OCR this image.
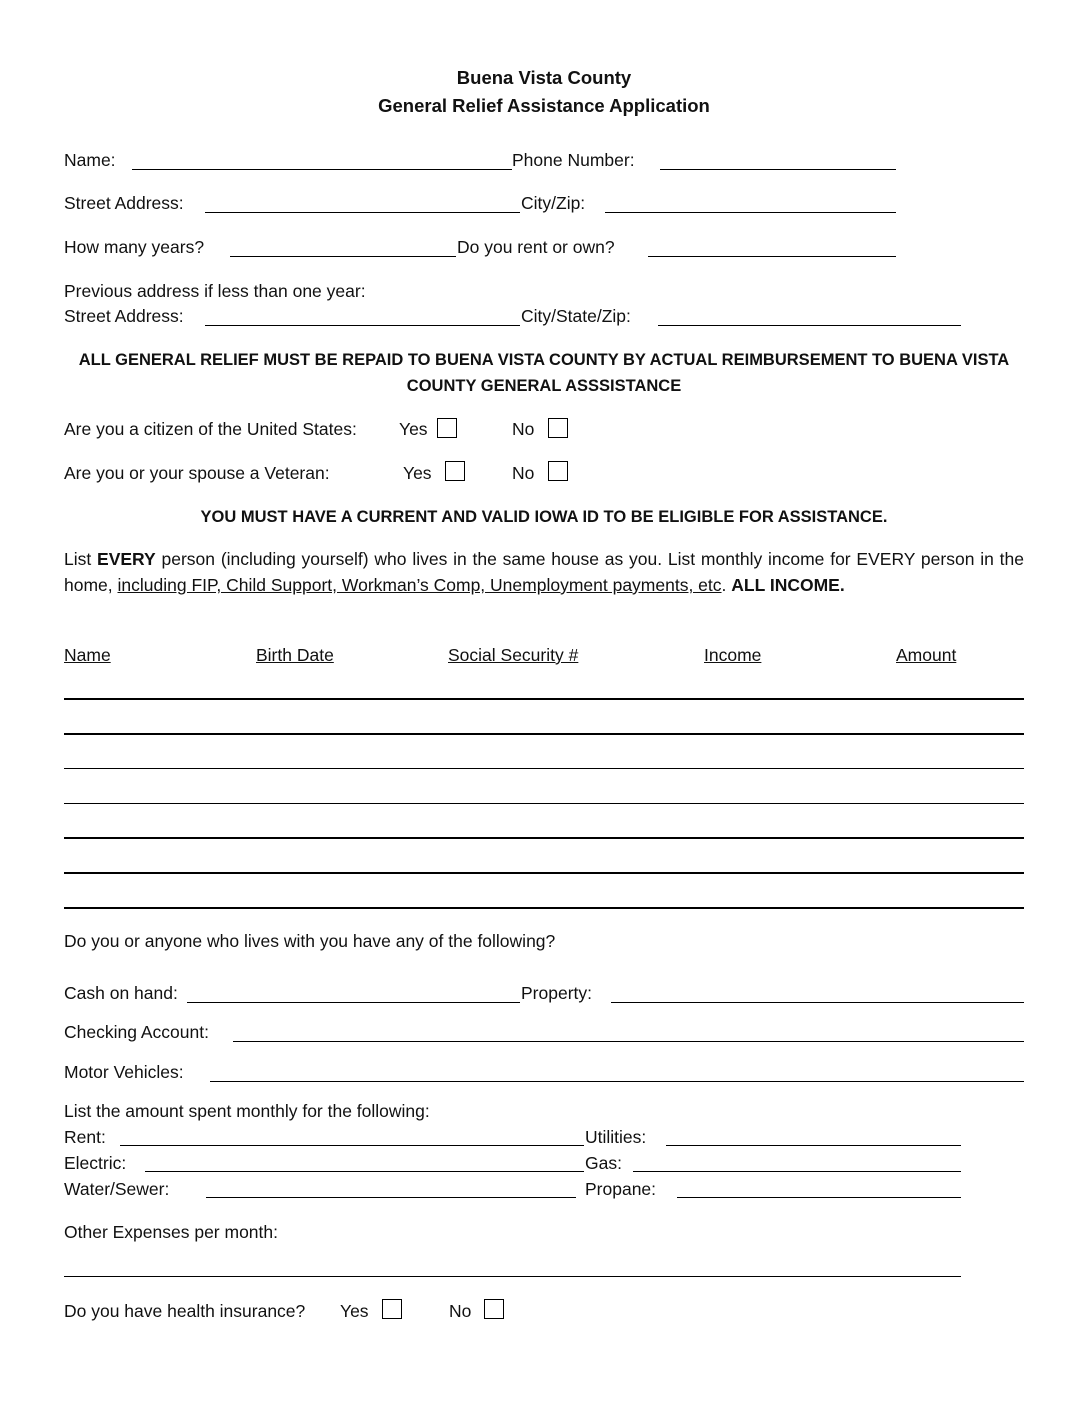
Buena Vista County
General Relief Assistance Application
Name:	Phone Number:
Street Address:	City/Zip:
How many years?	Do you rent or own?
Previous address if less than one year:
Street Address:	City/State/Zip:
ALL GENERAL RELIEF MUST BE REPAID TO BUENA VISTA COUNTY BY ACTUAL REIMBURSEMENT TO BUENA VISTA COUNTY GENERAL ASSSISTANCE
Are you a citizen of the United States: Yes	No
Are you or your spouse a Veteran:	Yes	No
YOU MUST HAVE A CURRENT AND VALID IOWA ID TO BE ELIGIBLE FOR ASSISTANCE.
List EVERY person (including yourself) who lives in the same house as you. List monthly income for EVERY person in the home, including FIP, Child Support, Workman’s Comp, Unemployment payments, etc. ALL INCOME.
Name	Birth Date	Social Security #	Income	Amount
Do you or anyone who lives with you have any of the following?
Cash on hand:	Property:
Checking Account:
Motor Vehicles:
List the amount spent monthly for the following:
Rent:	Utilities:
Electric:	Gas:
Water/Sewer:	Propane:
Other Expenses per month:
Do you have health insurance? Yes	No
